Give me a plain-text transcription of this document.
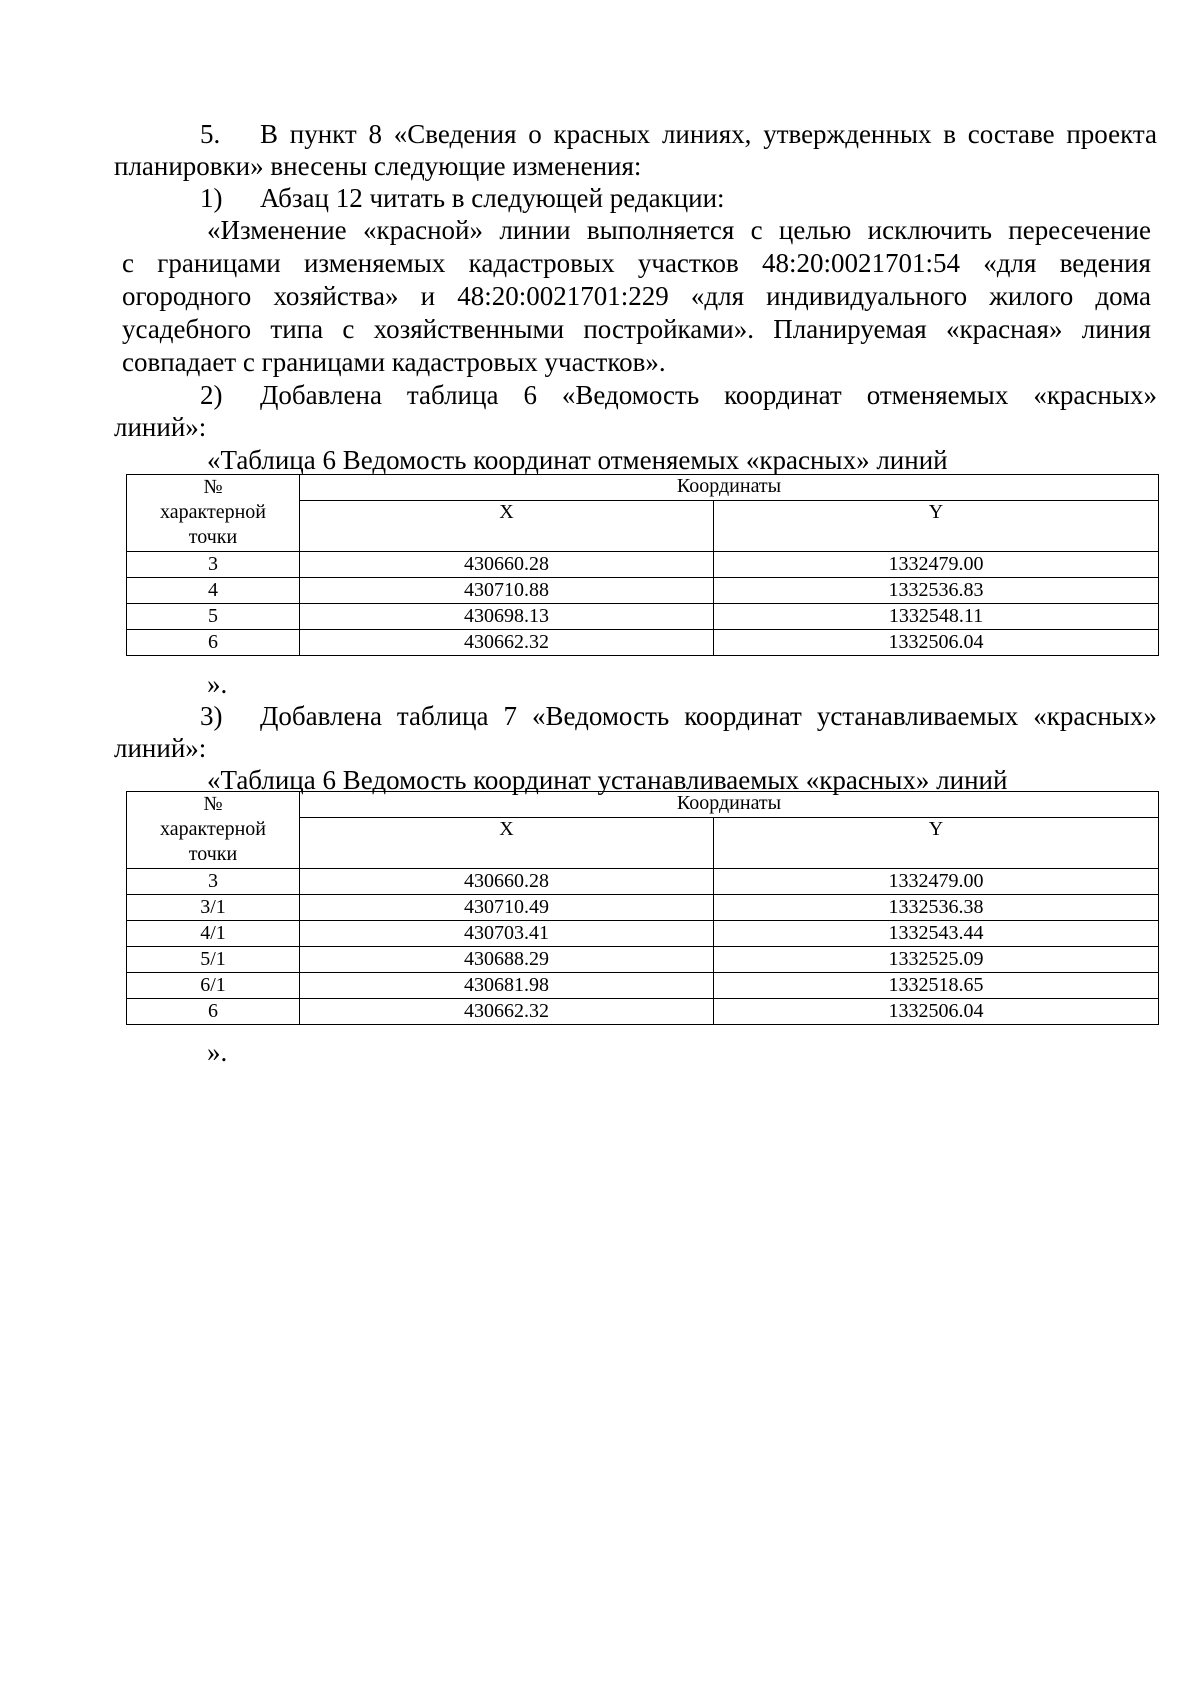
5. В пункт 8 «Сведения о красных линиях, утвержденных в составе проекта
планировки» внесены следующие изменения:
1) Абзац 12 читать в следующей редакции:
«Изменение «красной» линии выполняется с целью исключить пересечение
с границами изменяемых кадастровых участков 48:20:0021701:54 «для ведения
огородного хозяйства» и 48:20:0021701:229 «для индивидуального жилого дома
усадебного типа с хозяйственными постройками». Планируемая «красная» линия
совпадает с границами кадастровых участков».
2) Добавлена таблица 6 «Ведомость координат отменяемых «красных»
линий»:
«Таблица 6 Ведомость координат отменяемых «красных» линий
№
характерной
точки	Координаты	
	X	Y
3	430660.28	1332479.00
4	430710.88	1332536.83
5	430698.13	1332548.11
6	430662.32	1332506.04
».
3) Добавлена таблица 7 «Ведомость координат устанавливаемых «красных»
линий»:
«Таблица 6 Ведомость координат устанавливаемых «красных» линий
№
характерной
точки	Координаты	
	X	Y
3	430660.28	1332479.00
3/1	430710.49	1332536.38
4/1	430703.41	1332543.44
5/1	430688.29	1332525.09
6/1	430681.98	1332518.65
6	430662.32	1332506.04
».
